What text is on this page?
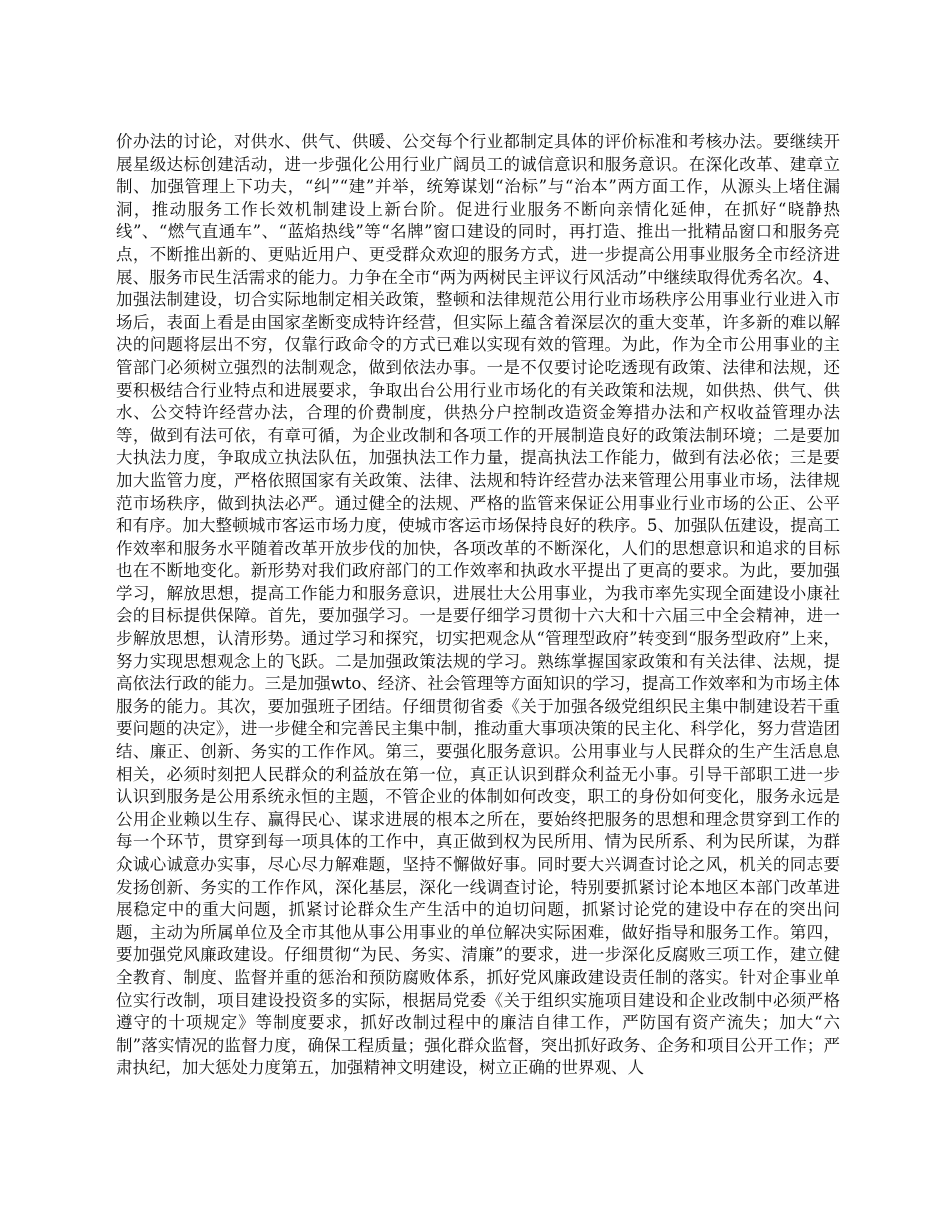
价办法的讨论，对供水、供气、供暖、公交每个行业都制定具体的评价标准和考核办法。要继续开展星级达标创建活动，进一步强化公用行业广阔员工的诚信意识和服务意识。在深化改革、建章立制、加强管理上下功夫，“纠”“建”并举，统筹谋划“治标”与“治本”两方面工作，从源头上堵住漏洞，推动服务工作长效机制建设上新台阶。促进行业服务不断向亲情化延伸，在抓好“晓静热线”、“燃气直通车”、“蓝焰热线”等“名牌”窗口建设的同时，再打造、推出一批精品窗口和服务亮点，不断推出新的、更贴近用户、更受群众欢迎的服务方式，进一步提高公用事业服务全市经济进展、服务市民生活需求的能力。力争在全市“两为两树民主评议行风活动”中继续取得优秀名次。4、加强法制建设，切合实际地制定相关政策，整顿和法律规范公用行业市场秩序公用事业行业进入市场后，表面上看是由国家垄断变成特许经营，但实际上蕴含着深层次的重大变革，许多新的难以解决的问题将层出不穷，仅靠行政命令的方式已难以实现有效的管理。为此，作为全市公用事业的主管部门必须树立强烈的法制观念，做到依法办事。一是不仅要讨论吃透现有政策、法律和法规，还要积极结合行业特点和进展要求，争取出台公用行业市场化的有关政策和法规，如供热、供气、供水、公交特许经营办法，合理的价费制度，供热分户控制改造资金筹措办法和产权收益管理办法等，做到有法可依，有章可循，为企业改制和各项工作的开展制造良好的政策法制环境；二是要加大执法力度，争取成立执法队伍，加强执法工作力量，提高执法工作能力，做到有法必依；三是要加大监管力度，严格依照国家有关政策、法律、法规和特许经营办法来管理公用事业市场，法律规范市场秩序，做到执法必严。通过健全的法规、严格的监管来保证公用事业行业市场的公正、公平和有序。加大整顿城市客运市场力度，使城市客运市场保持良好的秩序。5、加强队伍建设，提高工作效率和服务水平随着改革开放步伐的加快，各项改革的不断深化，人们的思想意识和追求的目标也在不断地变化。新形势对我们政府部门的工作效率和执政水平提出了更高的要求。为此，要加强学习，解放思想，提高工作能力和服务意识，进展壮大公用事业，为我市率先实现全面建设小康社会的目标提供保障。首先，要加强学习。一是要仔细学习贯彻十六大和十六届三中全会精神，进一步解放思想，认清形势。通过学习和探究，切实把观念从“管理型政府”转变到“服务型政府”上来，努力实现思想观念上的飞跃。二是加强政策法规的学习。熟练掌握国家政策和有关法律、法规，提高依法行政的能力。三是加强wto、经济、社会管理等方面知识的学习，提高工作效率和为市场主体服务的能力。其次，要加强班子团结。仔细贯彻省委《关于加强各级党组织民主集中制建设若干重要问题的决定》，进一步健全和完善民主集中制，推动重大事项决策的民主化、科学化，努力营造团结、廉正、创新、务实的工作作风。第三，要强化服务意识。公用事业与人民群众的生产生活息息相关，必须时刻把人民群众的利益放在第一位，真正认识到群众利益无小事。引导干部职工进一步认识到服务是公用系统永恒的主题，不管企业的体制如何改变，职工的身份如何变化，服务永远是公用企业赖以生存、赢得民心、谋求进展的根本之所在，要始终把服务的思想和理念贯穿到工作的每一个环节，贯穿到每一项具体的工作中，真正做到权为民所用、情为民所系、利为民所谋，为群众诚心诚意办实事，尽心尽力解难题，坚持不懈做好事。同时要大兴调查讨论之风，机关的同志要发扬创新、务实的工作作风，深化基层，深化一线调查讨论，特别要抓紧讨论本地区本部门改革进展稳定中的重大问题，抓紧讨论群众生产生活中的迫切问题，抓紧讨论党的建设中存在的突出问题，主动为所属单位及全市其他从事公用事业的单位解决实际困难，做好指导和服务工作。第四，要加强党风廉政建设。仔细贯彻“为民、务实、清廉”的要求，进一步深化反腐败三项工作，建立健全教育、制度、监督并重的惩治和预防腐败体系，抓好党风廉政建设责任制的落实。针对企事业单位实行改制，项目建设投资多的实际，根据局党委《关于组织实施项目建设和企业改制中必须严格遵守的十项规定》等制度要求，抓好改制过程中的廉洁自律工作，严防国有资产流失；加大“六制”落实情况的监督力度，确保工程质量；强化群众监督，突出抓好政务、企务和项目公开工作；严肃执纪，加大惩处力度第五，加强精神文明建设，树立正确的世界观、人
